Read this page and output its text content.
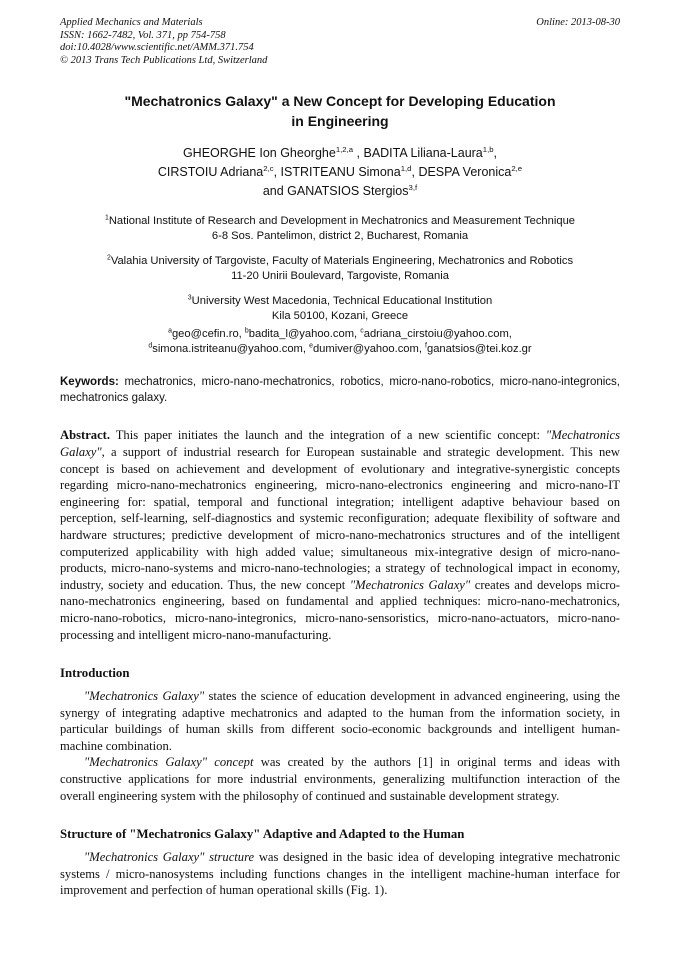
Applied Mechanics and Materials
ISSN: 1662-7482, Vol. 371, pp 754-758
doi:10.4028/www.scientific.net/AMM.371.754
© 2013 Trans Tech Publications Ltd, Switzerland
Online: 2013-08-30
"Mechatronics Galaxy" a New Concept for Developing Education
in Engineering
GHEORGHE Ion Gheorghe$^{1,2,a}$ , BADITA Liliana-Laura$^{1,b}$,
CIRSTOIU Adriana$^{2,c}$, ISTRITEANU Simona$^{1,d}$, DESPA Veronica$^{2,e}$
and GANATSIOS Stergios$^{3,f}$
$^1$National Institute of Research and Development in Mechatronics and Measurement Technique
6-8 Sos. Pantelimon, district 2, Bucharest, Romania
$^2$Valahia University of Targoviste, Faculty of Materials Engineering, Mechatronics and Robotics
11-20 Unirii Boulevard, Targoviste, Romania
$^3$University West Macedonia, Technical Educational Institution
Kila 50100, Kozani, Greece
$^a$geo@cefin.ro, $^b$badita_l@yahoo.com, $^c$adriana_cirstoiu@yahoo.com,
$^d$simona.istriteanu@yahoo.com, $^e$dumiver@yahoo.com, $^f$ganatsios@tei.koz.gr

Keywords: mechatronics, micro-nano-mechatronics, robotics, micro-nano-robotics, micro-nano-integronics, mechatronics galaxy.

Abstract. This paper initiates the launch and the integration of a new scientific concept: "Mechatronics Galaxy", a support of industrial research for European sustainable and strategic development. This new concept is based on achievement and development of evolutionary and integrative-synergistic concepts regarding micro-nano-mechatronics engineering, micro-nano-electronics engineering and micro-nano-IT engineering for: spatial, temporal and functional integration; intelligent adaptive behaviour based on perception, self-learning, self-diagnostics and systemic reconfiguration; adequate flexibility of software and hardware structures; predictive development of micro-nano-mechatronics structures and of the intelligent computerized applicability with high added value; simultaneous mix-integrative design of micro-nano-products, micro-nano-systems and micro-nano-technologies; a strategy of technological impact in economy, industry, society and education. Thus, the new concept "Mechatronics Galaxy" creates and develops micro-nano-mechatronics engineering, based on fundamental and applied techniques: micro-nano-mechatronics, micro-nano-robotics, micro-nano-integronics, micro-nano-sensoristics, micro-nano-actuators, micro-nano-processing and intelligent micro-nano-manufacturing.

Introduction

"Mechatronics Galaxy" states the science of education development in advanced engineering, using the synergy of integrating adaptive mechatronics and adapted to the human from the information society, in particular buildings of human skills from different socio-economic backgrounds and intelligent human-machine combination.

"Mechatronics Galaxy" concept was created by the authors [1] in original terms and ideas with constructive applications for more industrial environments, generalizing multifunction interaction of the overall engineering system with the philosophy of continued and sustainable development strategy.

Structure of "Mechatronics Galaxy" Adaptive and Adapted to the Human

"Mechatronics Galaxy" structure was designed in the basic idea of developing integrative mechatronic systems / micro-nanosystems including functions changes in the intelligent machine-human interface for improvement and perfection of human operational skills (Fig. 1).
